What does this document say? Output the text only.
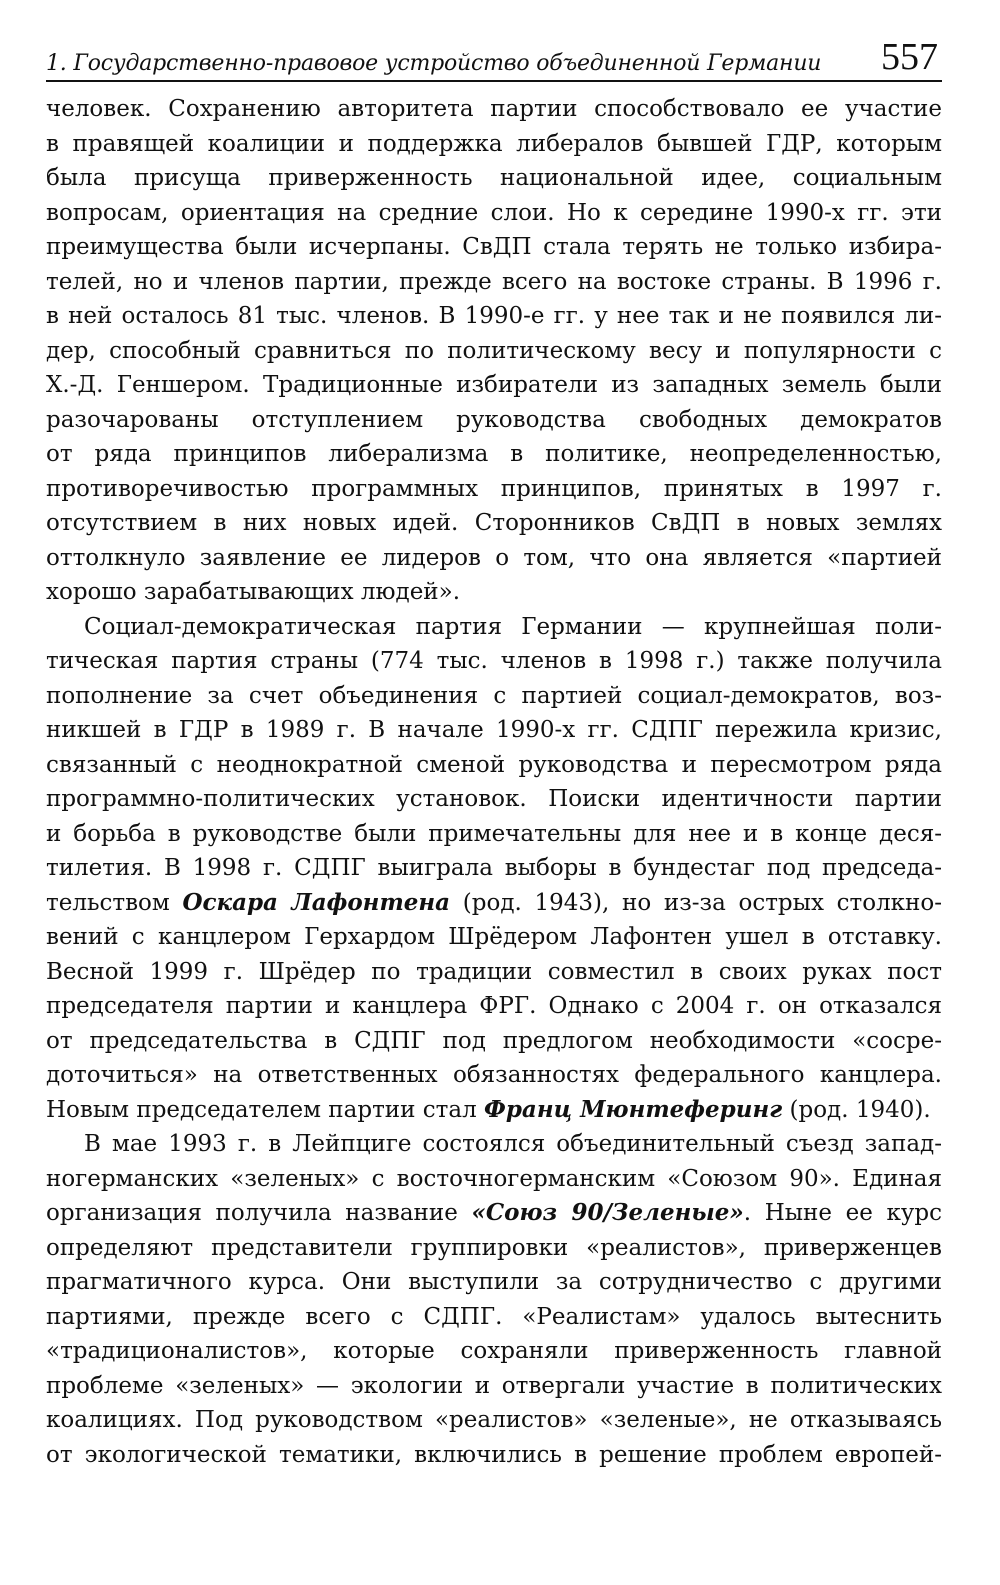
1. Государственно-правовое устройство объединенной Германии 557
человек. Сохранению авторитета партии способствовало ее участие
в правящей коалиции и поддержка либералов бывшей ГДР, которым
была присуща приверженность национальной идее, социальным
вопросам, ориентация на средние слои. Но к середине 1990-х гг. эти
преимущества были исчерпаны. СвДП стала терять не только избира-
телей, но и членов партии, прежде всего на востоке страны. В 1996 г.
в ней осталось 81 тыс. членов. В 1990-е гг. у нее так и не появился ли-
дер, способный сравниться по политическому весу и популярности с
Х.-Д. Геншером. Традиционные избиратели из западных земель были
разочарованы отступлением руководства свободных демократов
от ряда принципов либерализма в политике, неопределенностью,
противоречивостью программных принципов, принятых в 1997 г.
отсутствием в них новых идей. Сторонников СвДП в новых землях
оттолкнуло заявление ее лидеров о том, что она является «партией
хорошо зарабатывающих людей».
Социал-демократическая партия Германии — крупнейшая поли-
тическая партия страны (774 тыс. членов в 1998 г.) также получила
пополнение за счет объединения с партией социал-демократов, воз-
никшей в ГДР в 1989 г. В начале 1990-х гг. СДПГ пережила кризис,
связанный с неоднократной сменой руководства и пересмотром ряда
программно-политических установок. Поиски идентичности партии
и борьба в руководстве были примечательны для нее и в конце деся-
тилетия. В 1998 г. СДПГ выиграла выборы в бундестаг под председа-
тельством Оскара Лафонтена (род. 1943), но из-за острых столкно-
вений с канцлером Герхардом Шрёдером Лафонтен ушел в отставку.
Весной 1999 г. Шрёдер по традиции совместил в своих руках пост
председателя партии и канцлера ФРГ. Однако с 2004 г. он отказался
от председательства в СДПГ под предлогом необходимости «сосре-
доточиться» на ответственных обязанностях федерального канцлера.
Новым председателем партии стал Франц Мюнтеферинг (род. 1940).
В мае 1993 г. в Лейпциге состоялся объединительный съезд запад-
ногерманских «зеленых» с восточногерманским «Союзом 90». Единая
организация получила название «Союз 90/Зеленые». Ныне ее курс
определяют представители группировки «реалистов», приверженцев
прагматичного курса. Они выступили за сотрудничество с другими
партиями, прежде всего с СДПГ. «Реалистам» удалось вытеснить
«традиционалистов», которые сохраняли приверженность главной
проблеме «зеленых» — экологии и отвергали участие в политических
коалициях. Под руководством «реалистов» «зеленые», не отказываясь
от экологической тематики, включились в решение проблем европей-
